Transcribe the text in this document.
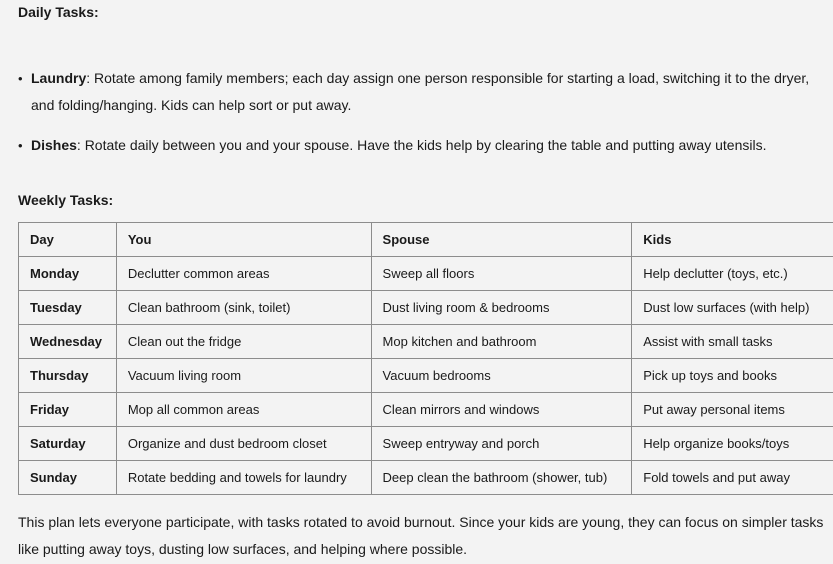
Daily Tasks:
• Laundry: Rotate among family members; each day assign one person responsible for starting a load, switching it to the dryer, and folding/hanging. Kids can help sort or put away.
• Dishes: Rotate daily between you and your spouse. Have the kids help by clearing the table and putting away utensils.
Weekly Tasks:
Day	You	Spouse	Kids
Monday	Declutter common areas	Sweep all floors	Help declutter (toys, etc.)
Tuesday	Clean bathroom (sink, toilet)	Dust living room & bedrooms	Dust low surfaces (with help)
Wednesday	Clean out the fridge	Mop kitchen and bathroom	Assist with small tasks
Thursday	Vacuum living room	Vacuum bedrooms	Pick up toys and books
Friday	Mop all common areas	Clean mirrors and windows	Put away personal items
Saturday	Organize and dust bedroom closet	Sweep entryway and porch	Help organize books/toys
Sunday	Rotate bedding and towels for laundry	Deep clean the bathroom (shower, tub)	Fold towels and put away

This plan lets everyone participate, with tasks rotated to avoid burnout. Since your kids are young, they can focus on simpler tasks like putting away toys, dusting low surfaces, and helping where possible.
